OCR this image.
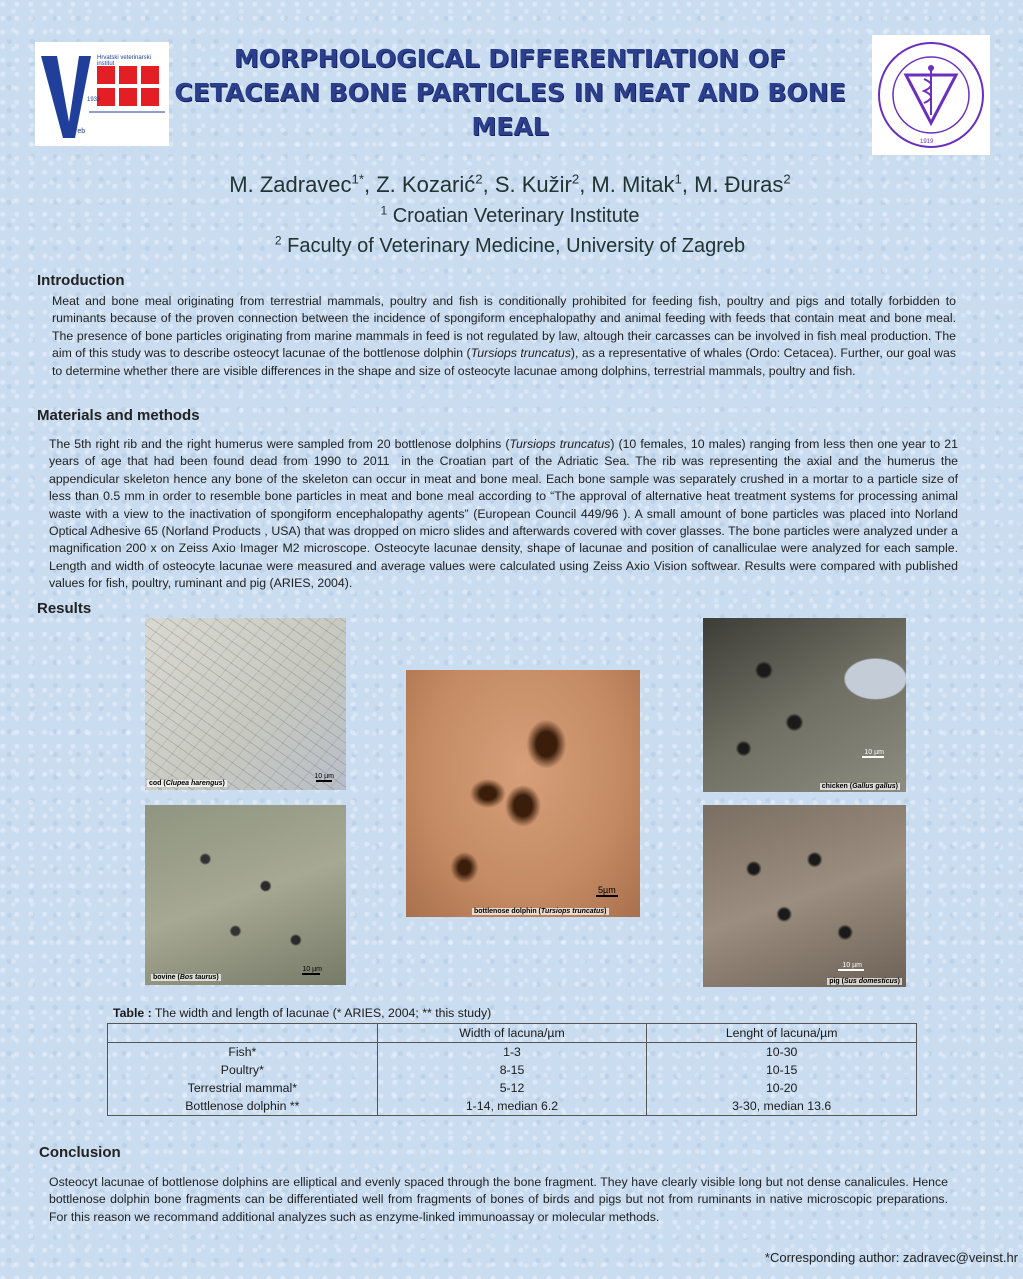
Hrvatski veterinarski institut
1933
Zagreb
1919
MORPHOLOGICAL DIFFERENTIATION OF CETACEAN BONE PARTICLES IN MEAT AND BONE MEAL
M. Zadravec$^{1*}$, Z. Kozarić$^2$, S. Kužir$^2$, M. Mitak$^1$, M. Đuras$^2$
$^1$ Croatian Veterinary Institute
$^2$ Faculty of Veterinary Medicine, University of Zagreb
Introduction
Meat and bone meal originating from terrestrial mammals, poultry and fish is conditionally prohibited for feeding fish, poultry and pigs and totally forbidden to ruminants because of the proven connection between the incidence of spongiform encephalopathy and animal feeding with feeds that contain meat and bone meal. The presence of bone particles originating from marine mammals in feed is not regulated by law, altough their carcasses can be involved in fish meal production. The aim of this study was to describe osteocyt lacunae of the bottlenose dolphin (Tursiops truncatus), as a representative of whales (Ordo: Cetacea). Further, our goal was to determine whether there are visible differences in the shape and size of osteocyte lacunae among dolphins, terrestrial mammals, poultry and fish.
Materials and methods
The 5th right rib and the right humerus were sampled from 20 bottlenose dolphins (Tursiops truncatus) (10 females, 10 males) ranging from less then one year to 21 years of age that had been found dead from 1990 to 2011  in the Croatian part of the Adriatic Sea. The rib was representing the axial and the humerus the appendicular skeleton hence any bone of the skeleton can occur in meat and bone meal. Each bone sample was separately crushed in a mortar to a particle size of less than 0.5 mm in order to resemble bone particles in meat and bone meal according to “The approval of alternative heat treatment systems for processing animal waste with a view to the inactivation of spongiform encephalopathy agents” (European Council 449/96 ). A small amount of bone particles was placed into Norland Optical Adhesive 65 (Norland Products , USA) that was dropped on micro slides and afterwards covered with cover glasses. The bone particles were analyzed under a magnification 200 x on Zeiss Axio Imager M2 microscope. Osteocyte lacunae density, shape of lacunae and position of canalliculae were analyzed for each sample. Length and width of osteocyte lacunae were measured and average values were calculated using Zeiss Axio Vision softwear. Results were compared with published values for fish, poultry, ruminant and pig (ARIES, 2004).
Results
cod (Clupea harengus)
10 µm
bovine (Bos taurus)
10 µm
5µm
bottlenose dolphin (Tursiops truncatus)
10 µm
chicken (Gallus gallus)
10 µm
pig (Sus domesticus)
Table : The width and length of lacunae (* ARIES, 2004; ** this study)
	Width of lacuna/µm	Lenght of lacuna/µm
Fish*	1-3	10-30
Poultry*	8-15	10-15
Terrestrial mammal*	5-12	10-20
Bottlenose dolphin **	1-14, median 6.2	3-30, median 13.6
Conclusion
Osteocyt lacunae of bottlenose dolphins are elliptical and evenly spaced through the bone fragment. They have clearly visible long but not dense canalicules. Hence bottlenose dolphin bone fragments can be differentiated well from fragments of bones of birds and pigs but not from ruminants in native microscopic preparations. For this reason we recommand additional analyzes such as enzyme-linked immunoassay or molecular methods.
*Corresponding author: zadravec@veinst.hr
